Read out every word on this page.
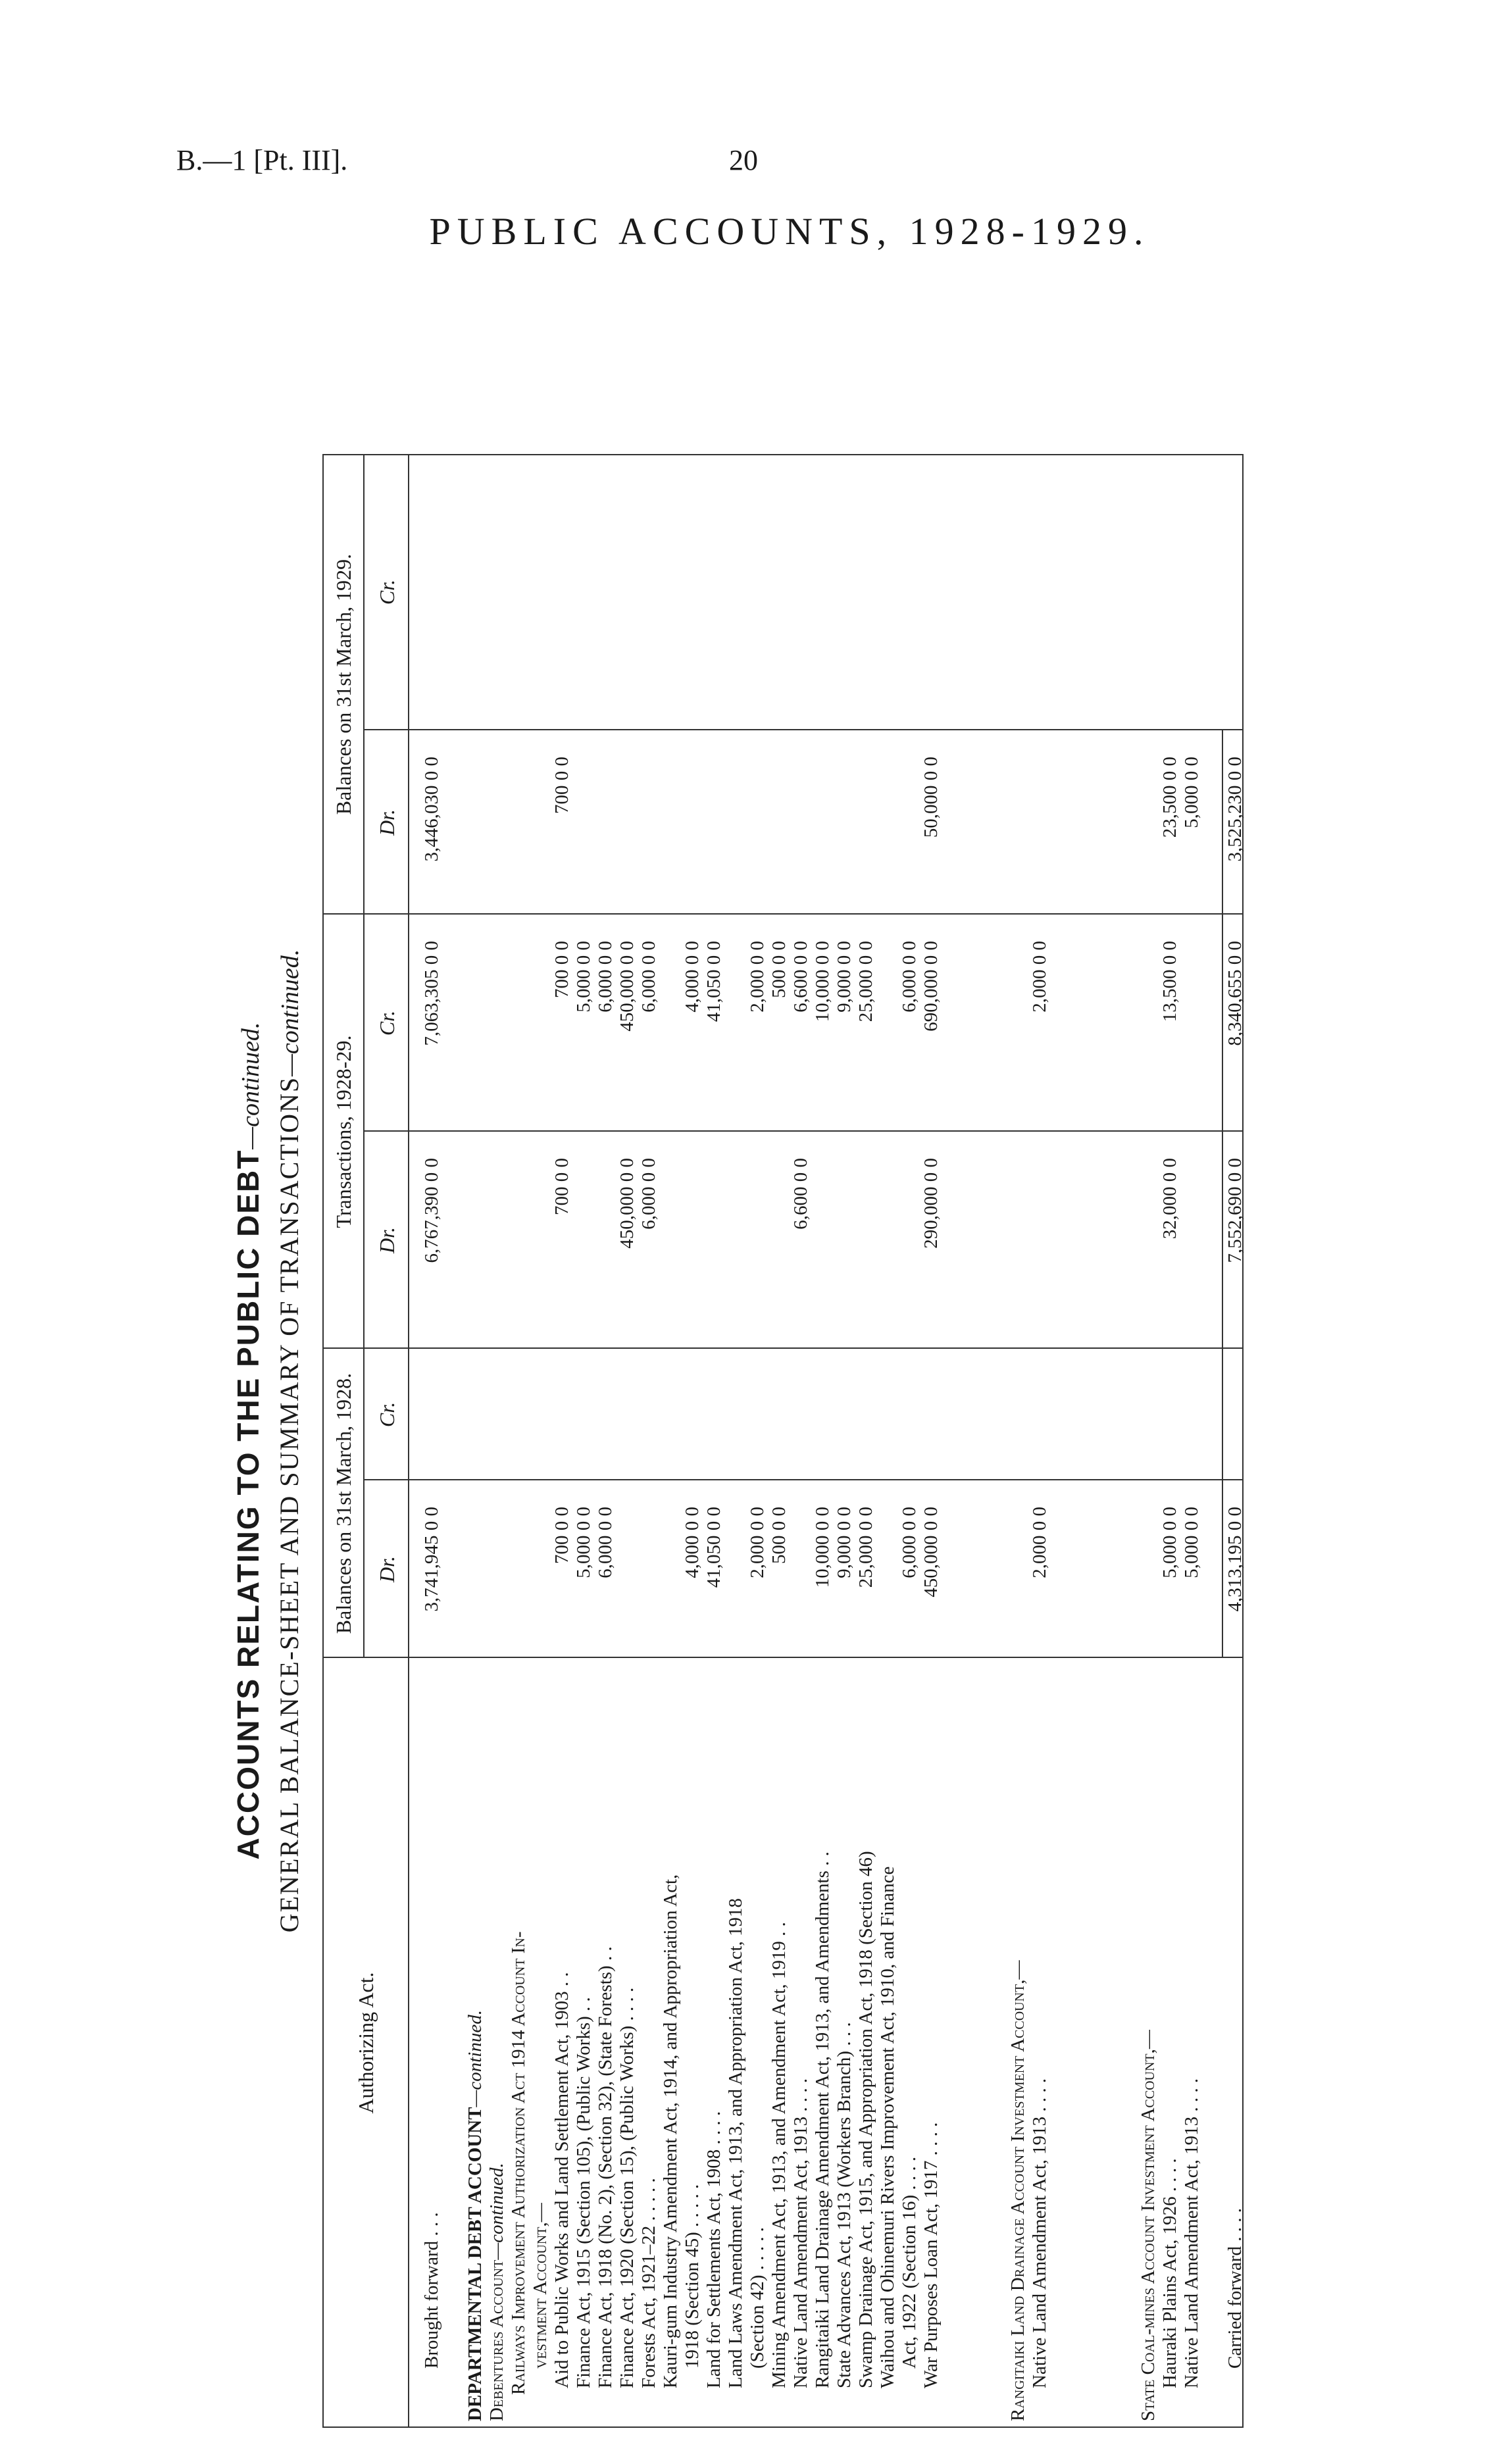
B.—1 [Pt. III].	20
PUBLIC ACCOUNTS, 1928-1929.
ACCOUNTS RELATING TO THE PUBLIC DEBT—continued. GENERAL BALANCE-SHEET AND SUMMARY OF TRANSACTIONS—continued.
Authorizing Act.
Balances on 31st March, 1928.
Transactions, 1928-29.
Balances on 31st March, 1929.
Dr.
Cr.
Dr.
Cr.
Dr.
Cr.
Brought forward . . .
3,741,945 0 0
6,767,390 0 0
7,063,305 0 0
3,446,030 0 0
DEPARTMENTAL DEBT ACCOUNT—continued.
Debentures Account—continued. Railways Improvement Authorization Act 1914 Account In- vestment Account,— Aid to Public Works and Land Settlement Act, 1903 . .
700 0 0
700 0 0
700 0 0
700 0 0
Finance Act, 1915 (Section 105), (Public Works) . .
5,000 0 0
5,000 0 0
Finance Act, 1918 (No. 2), (Section 32), (State Forests) . .
6,000 0 0
6,000 0 0
Finance Act, 1920 (Section 15), (Public Works) . . . .
450,000 0 0
450,000 0 0
Forests Act, 1921–22 . . . . .
6,000 0 0
6,000 0 0
Kauri-gum Industry Amendment Act, 1914, and Appropriation Act, 1918 (Section 45) . . . . .
4,000 0 0
4,000 0 0
Land for Settlements Act, 1908 . . . .
41,050 0 0
41,050 0 0
Land Laws Amendment Act, 1913, and Appropriation Act, 1918 (Section 42) . . . . .
2,000 0 0
2,000 0 0
Mining Amendment Act, 1913, and Amendment Act, 1919 . .
500 0 0
500 0 0
Native Land Amendment Act, 1913 . . . .
6,600 0 0
6,600 0 0
Rangitaiki Land Drainage Amendment Act, 1913, and Amendments . .
10,000 0 0
10,000 0 0
State Advances Act, 1913 (Workers Branch) . . .
9,000 0 0
9,000 0 0
Swamp Drainage Act, 1915, and Appropriation Act, 1918 (Section 46)
25,000 0 0
25,000 0 0
Waihou and Ohinemuri Rivers Improvement Act, 1910, and Finance Act, 1922 (Section 16) . . . .
6,000 0 0
6,000 0 0
War Purposes Loan Act, 1917 . . . .
450,000 0 0
290,000 0 0
690,000 0 0
50,000 0 0
Rangitaiki Land Drainage Account Investment Account,— Native Land Amendment Act, 1913 . . . .
2,000 0 0
2,000 0 0
State Coal-mines Account Investment Account,— Hauraki Plains Act, 1926 . . . .
5,000 0 0
32,000 0 0
13,500 0 0
23,500 0 0
Native Land Amendment Act, 1913 . . . .
5,000 0 0
5,000 0 0
Carried forward . . . .
4,313,195 0 0
7,552,690 0 0
8,340,655 0 0
3,525,230 0 0
